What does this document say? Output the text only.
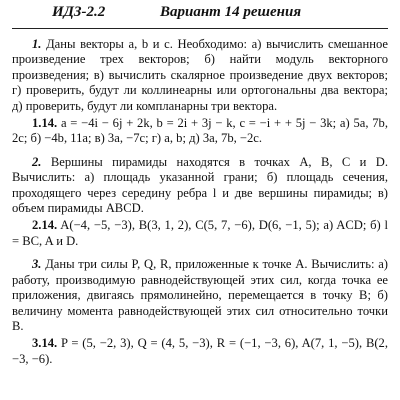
ИДЗ-2.2	Вариант 14 решения

1. Даны векторы a, b и c. Необходимо: а) вычислить смешанное произведение трех векторов; б) найти модуль векторного произведения; в) вычислить скалярное произведение двух векторов; г) проверить, будут ли коллинеарны или ортогональны два вектора; д) проверить, будут ли компланарны три вектора.

1.14. a = −4i − 6j + 2k, b = 2i + 3j − k, c = −i + + 5j − 3k; а) 5a, 7b, 2c; б) −4b, 11a; в) 3a, −7c; г) a, b; д) 3a, 7b, −2c.

2. Вершины пирамиды находятся в точках A, B, C и D. Вычислить: а) площадь указанной грани; б) площадь сечения, проходящего через середину ребра l и две вершины пирамиды; в) объем пирамиды ABCD.

2.14. A(−4, −5, −3), B(3, 1, 2), C(5, 7, −6), D(6, −1, 5); а) ACD; б) l = BC, A и D.

3. Даны три силы P, Q, R, приложенные к точке A. Вычислить: а) работу, производимую равнодействующей этих сил, когда точка ее приложения, двигаясь прямолинейно, перемещается в точку B; б) величину момента равнодействующей этих сил относительно точки B.

3.14. P = (5, −2, 3), Q = (4, 5, −3), R = (−1, −3, 6), A(7, 1, −5), B(2, −3, −6).
